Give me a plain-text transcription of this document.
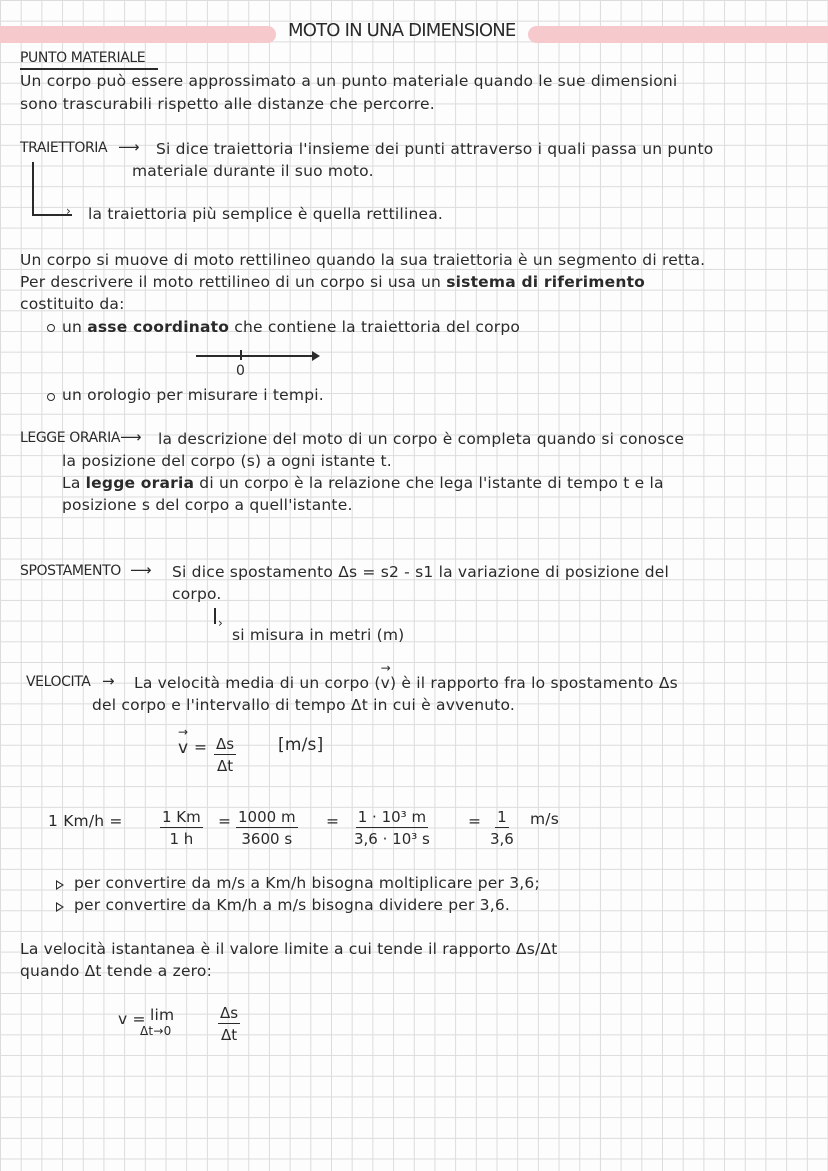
MOTO IN UNA DIMENSIONE
PUNTO MATERIALE
Un corpo può essere approssimato a un punto materiale quando le sue dimensioni
sono trascurabili rispetto alle distanze che percorre.
TRAIETTORIA ⟶ Si dice traiettoria l'insieme dei punti attraverso i quali passa un punto
materiale durante il suo moto.
› la traiettoria più semplice è quella rettilinea.
Un corpo si muove di moto rettilineo quando la sua traiettoria è un segmento di retta.
Per descrivere il moto rettilineo di un corpo si usa un sistema di riferimento
costituito da:
un asse coordinato che contiene la traiettoria del corpo
0
un orologio per misurare i tempi.
LEGGE ORARIA ⟶ la descrizione del moto di un corpo è completa quando si conosce
la posizione del corpo (s) a ogni istante t.
La legge oraria di un corpo è la relazione che lega l'istante di tempo t e la
posizione s del corpo a quell'istante.
SPOSTAMENTO ⟶ Si dice spostamento Δs = s2 - s1 la variazione di posizione del
corpo.
›
si misura in metri (m)
VELOCITA → La velocità media di un corpo (→ v) è il rapporto fra lo spostamento Δs
del corpo e l'intervallo di tempo Δt in cui è avvenuto.
→ $v = \frac{\Delta s}{\Delta t} [m/s]$
1 $Km/h = \frac{1 Km}{1 h} = \frac{1000 m}{3600 s} = \frac{\text{1 · 10³ m}}{\text{3,6 · 10³ s}} = \frac{1}{3,6} m/s$
per convertire da m/s a Km/h bisogna moltiplicare per 3,6;
per convertire da Km/h a m/s bisogna dividere per 3,6.
La velocità istantanea è il valore limite a cui tende il rapporto Δs/Δt
quando Δt tende a zero:
v = lim
Δt→0	$\frac{\Delta s}{\Delta t}$
